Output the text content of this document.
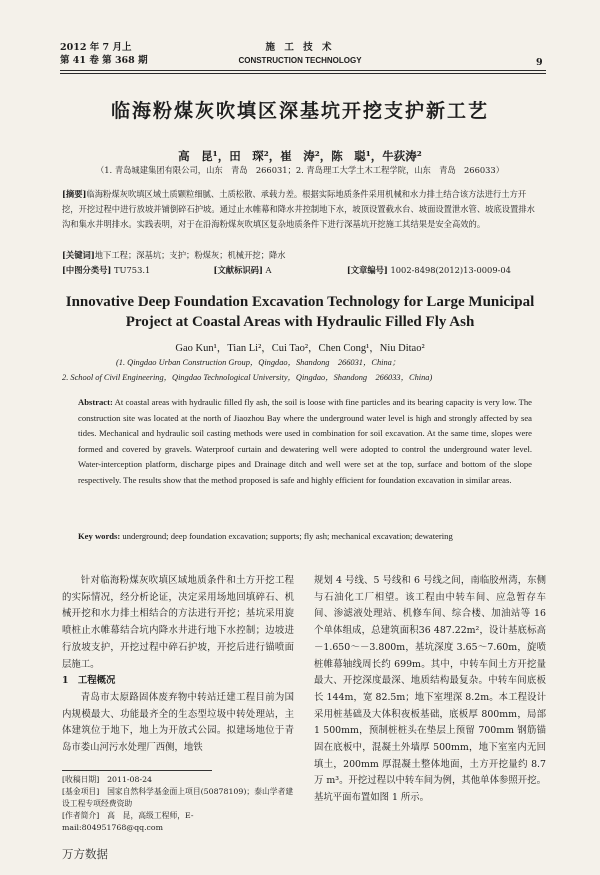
2012 年 7 月上
第 41 卷 第 368 期
施 工 技 术
CONSTRUCTION TECHNOLOGY	9
临海粉煤灰吹填区深基坑开挖支护新工艺
高　昆¹，田　琛²，崔　涛²，陈　聪¹，牛荻涛²
（1. 青岛城建集团有限公司，山东　青岛　266031；2. 青岛理工大学土木工程学院，山东　青岛　266033）
[摘要]临海粉煤灰吹填区域土质颗粒细腻、土质松散、承载力差。根据实际地质条件采用机械和水力排土结合该方法进行土方开挖，开挖过程中进行放坡并铺倒碎石护坡。通过止水帷幕和降水井控制地下水，坡顶设置截水台、坡面设置泄水管、坡底设置排水沟和集水井明排水。实践表明，对于在沿海粉煤灰吹填区复杂地质条件下进行深基坑开挖施工其结果是安全高效的。
[关键词]地下工程；深基坑；支护；粉煤灰；机械开挖；降水
[中图分类号] TU753.1	[文献标识码] A	[文章编号] 1002-8498(2012)13-0009-04
Innovative Deep Foundation Excavation Technology for Large Municipal
Project at Coastal Areas with Hydraulic Filled Fly Ash
Gao Kun¹，Tian Li²，Cui Tao²，Chen Cong¹，Niu Ditao²
(1. Qingdao Urban Construction Group，Qingdao，Shandong　266031，China；
2. School of Civil Engineering，Qingdao Technological University，Qingdao，Shandong　266033，China)
Abstract: At coastal areas with hydraulic filled fly ash, the soil is loose with fine particles and its bearing capacity is very low. The construction site was located at the north of Jiaozhou Bay where the underground water level is high and strongly affected by sea tides. Mechanical and hydraulic soil casting methods were used in combination for soil excavation. At the same time, slopes were formed and covered by gravels. Waterproof curtain and dewatering well were adopted to control the underground water level. Water-interception platform, discharge pipes and Drainage ditch and well were set at the top, surface and bottom of the slope respectively. The results show that the method proposed is safe and highly efficient for foundation excavation in similar areas.
Key words: underground; deep foundation excavation; supports; fly ash; mechanical excavation; dewatering
针对临海粉煤灰吹填区域地质条件和土方开挖工程的实际情况，经分析论证，决定采用场地回填碎石、机械开挖和水力排土相结合的方法进行开挖；基坑采用旋喷桩止水帷幕结合坑内降水井进行地下水控制；边坡进行放坡支护，开挖过程中碎石护坡，开挖后进行锚喷面层施工。
1　工程概况
青岛市太原路固体废弃物中转站迁建工程目前为国内规模最大、功能最齐全的生态型垃圾中转处理站，主体建筑位于地下，地上为开放式公园。拟建场地位于青岛市娄山河污水处理厂西侧，地铁
[收稿日期]　2011-08-24
[基金项目]　国家自然科学基金面上项目(50878109)；泰山学者建设工程专项经费资助
[作者简介]　高　昆，高级工程师，E-mail:804951768@qq.com
规划 4 号线、5 号线和 6 号线之间，南临胶州湾，东侧与石油化工厂相望。该工程由中转车间、应急暂存车间、渗滤液处理站、机修车间、综合楼、加油站等 16 个单体组成，总建筑面积36 487.22m²，设计基底标高 －1.650～－3.800m，基坑深度 3.65～7.60m，旋喷桩帷幕轴线周长约 699m。其中，中转车间土方开挖量最大、开挖深度最深、地质结构最复杂。中转车间底板长 144m，宽 82.5m；地下室埋深 8.2m。本工程设计采用桩基础及大体积夜板基础，底板厚 800mm，局部 1 500mm，预制桩桩头在垫层上预留 700mm 钢筋锚固在底板中，混凝土外墙厚 500mm，地下室室内无回填土，200mm 厚混凝土整体地面，土方开挖量约 8.7 万 m³。开挖过程以中转车间为例，其他单体参照开挖。基坑平面布置如图 1 所示。
万方数据
